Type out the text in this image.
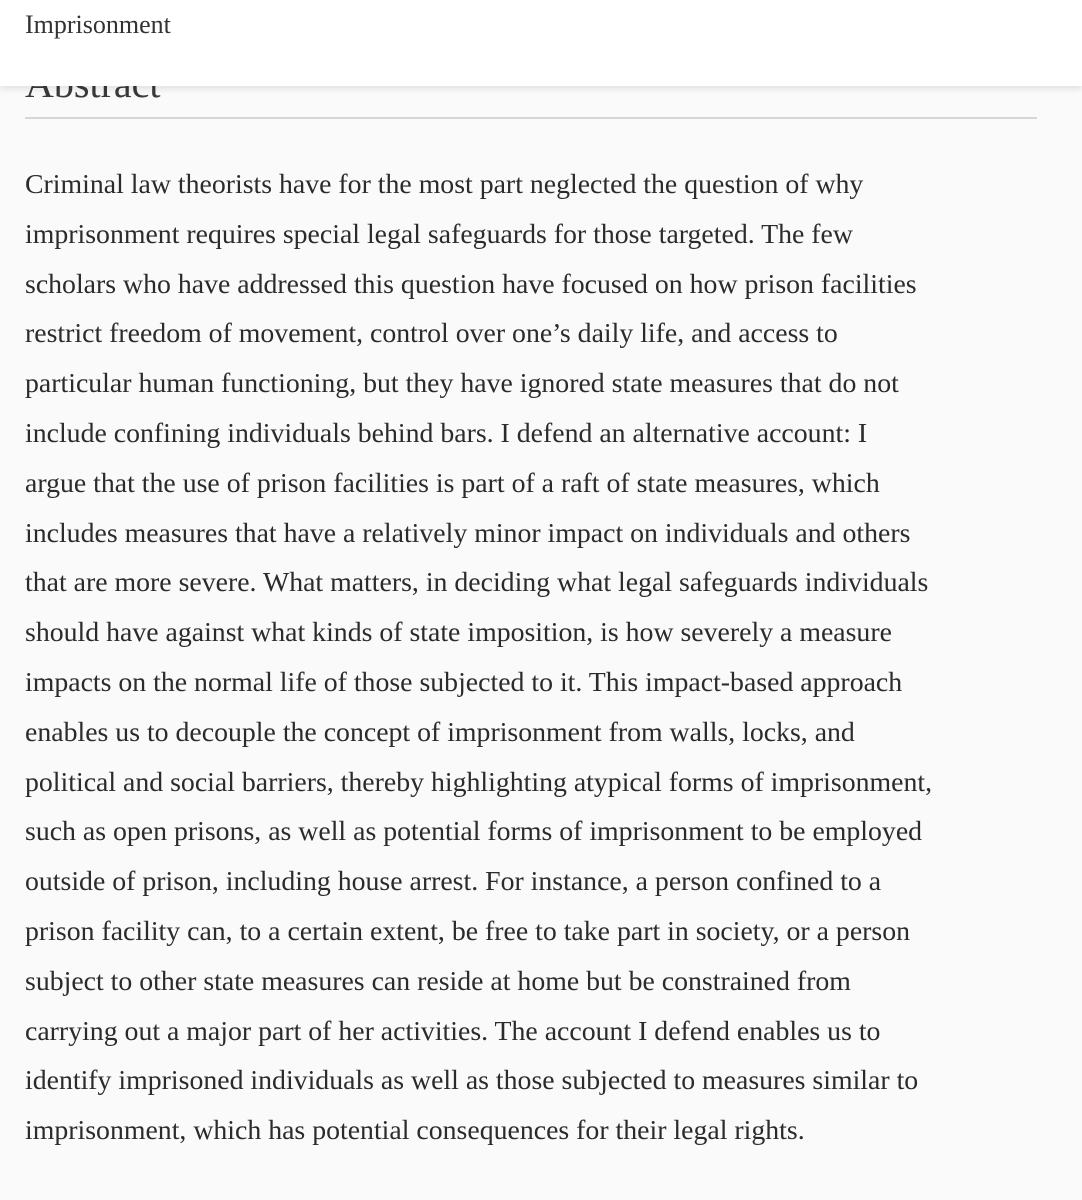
Imprisonment

Criminal law theorists have for the most part neglected the question of why
imprisonment requires special legal safeguards for those targeted. The few
scholars who have addressed this question have focused on how prison facilities
restrict freedom of movement, control over one’s daily life, and access to
particular human functioning, but they have ignored state measures that do not
include confining individuals behind bars. I defend an alternative account: I
argue that the use of prison facilities is part of a raft of state measures, which
includes measures that have a relatively minor impact on individuals and others
that are more severe. What matters, in deciding what legal safeguards individuals
should have against what kinds of state imposition, is how severely a measure
impacts on the normal life of those subjected to it. This impact-based approach
enables us to decouple the concept of imprisonment from walls, locks, and
political and social barriers, thereby highlighting atypical forms of imprisonment,
such as open prisons, as well as potential forms of imprisonment to be employed
outside of prison, including house arrest. For instance, a person confined to a
prison facility can, to a certain extent, be free to take part in society, or a person
subject to other state measures can reside at home but be constrained from
carrying out a major part of her activities. The account I defend enables us to
identify imprisoned individuals as well as those subjected to measures similar to
imprisonment, which has potential consequences for their legal rights.
